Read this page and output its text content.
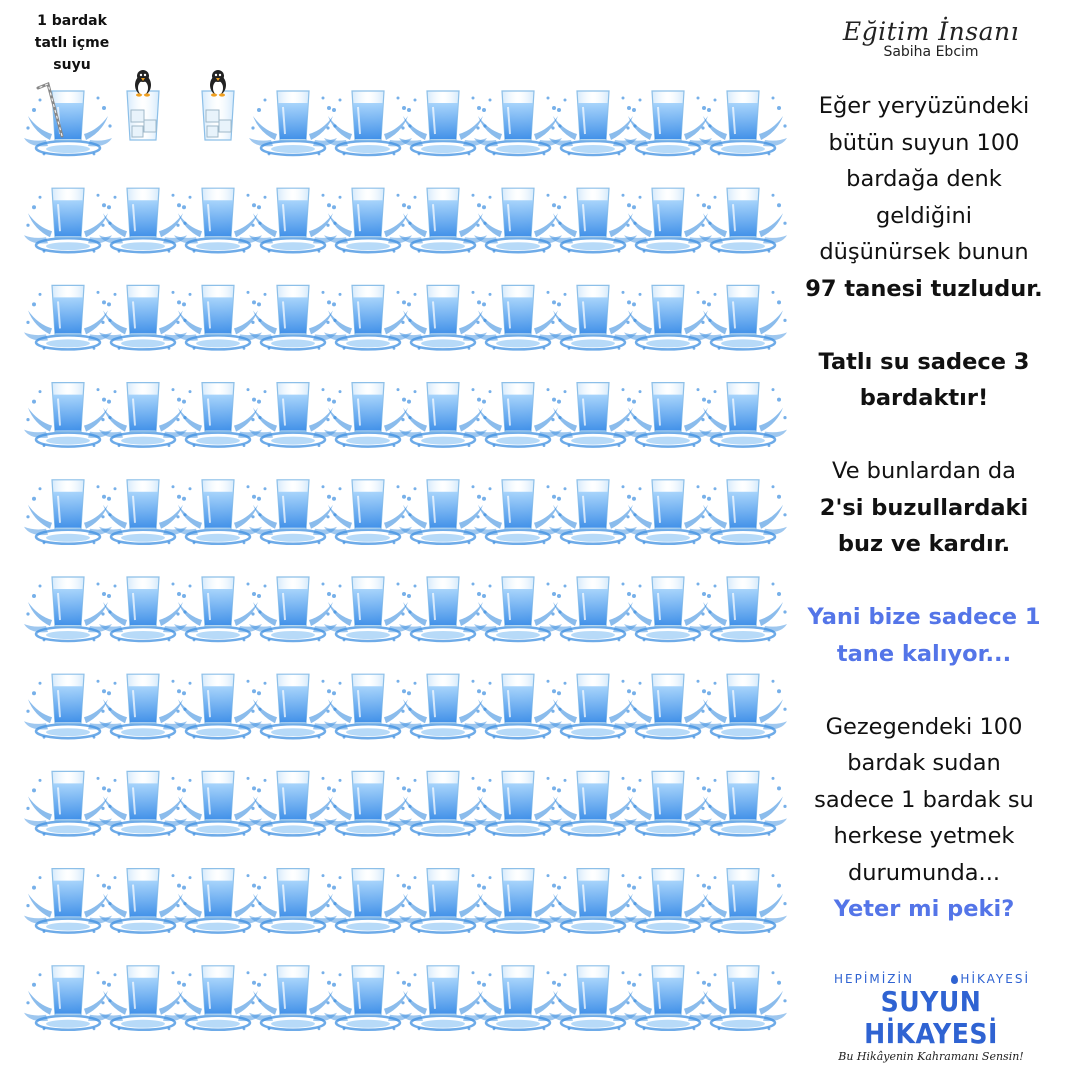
1 bardak
tatlı içme
suyu
Eğitim İnsanı
Sabiha Ebcim
Eğer yeryüzündeki
bütün suyun 100
bardağa denk
geldiğini
düşünürsek bunun
97 tanesi tuzludur.
Tatlı su sadece 3
bardaktır!
Ve bunlardan da
2'si buzullardaki
buz ve kardır.
Yani bize sadece 1
tane kalıyor...
Gezegendeki 100
bardak sudan
sadece 1 bardak su
herkese yetmek
durumunda...
Yeter mi peki?
HEPİMİZİN	HİKAYESİ
SUYUN HİKAYESİ
Bu Hikâyenin Kahramanı Sensin!
